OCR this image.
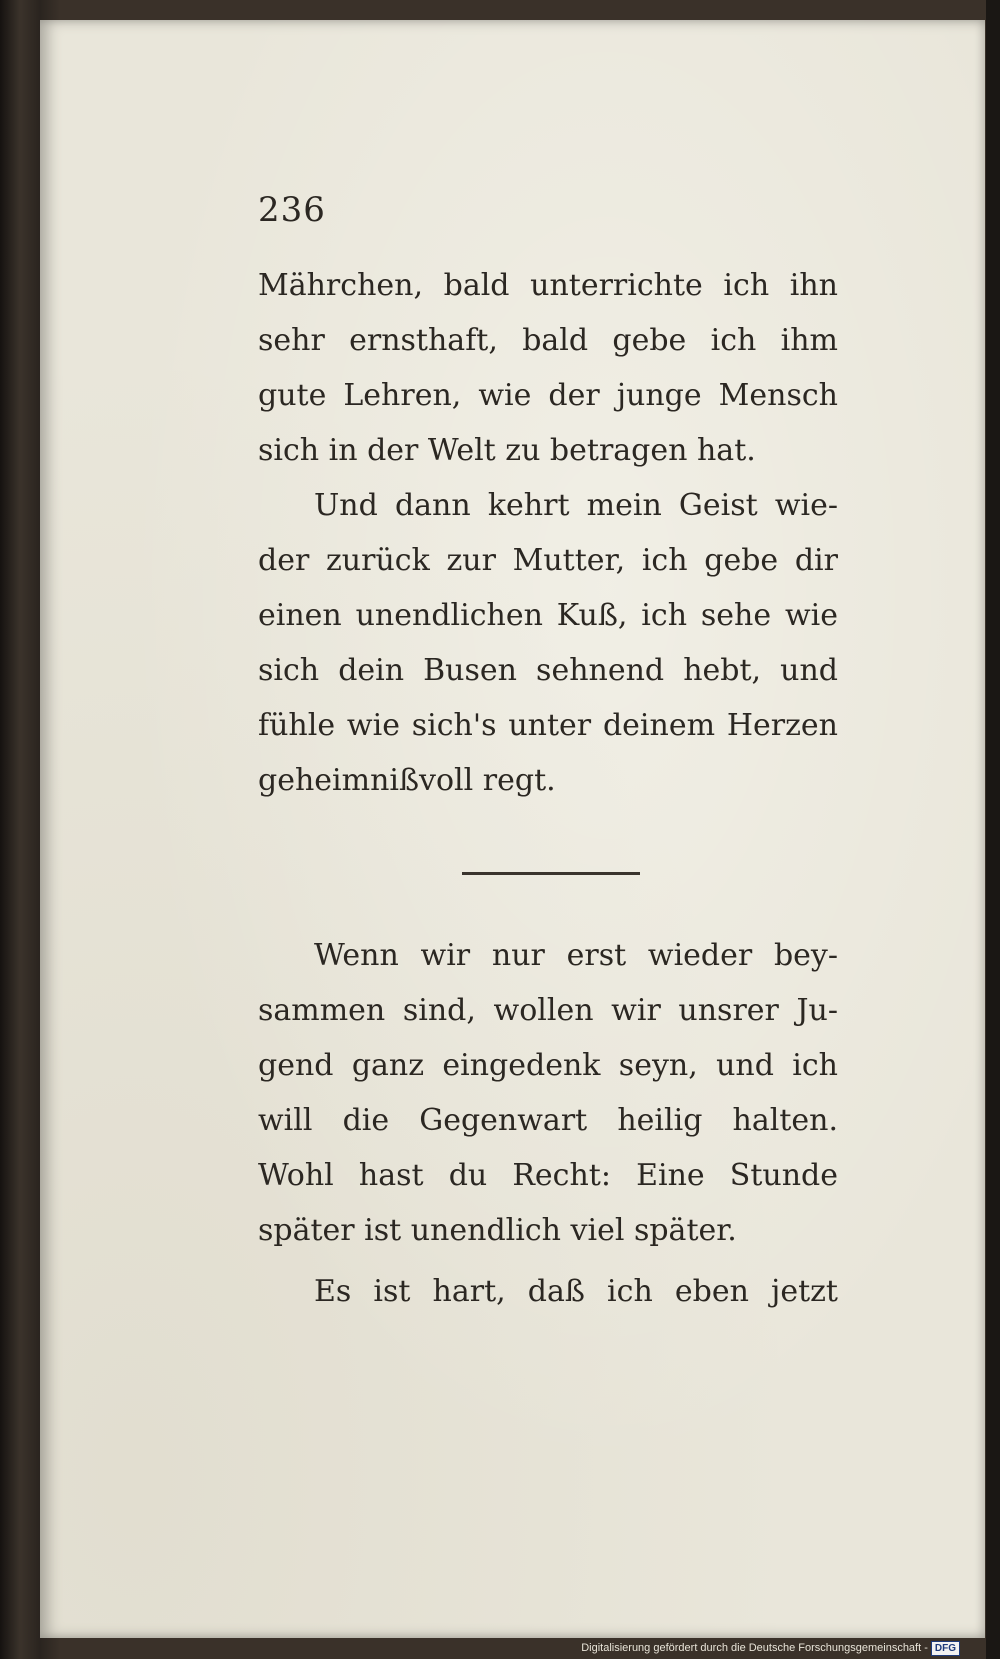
236
Mährchen, bald unterrichte ich ihn
sehr ernsthaft, bald gebe ich ihm
gute Lehren, wie der junge Mensch
sich in der Welt zu betragen hat.
Und dann kehrt mein Geist wie-
der zurück zur Mutter, ich gebe dir
einen unendlichen Kuß, ich sehe wie
sich dein Busen sehnend hebt, und
fühle wie sich's unter deinem Herzen
geheimnißvoll regt.
Wenn wir nur erst wieder bey-
sammen sind, wollen wir unsrer Ju-
gend ganz eingedenk seyn, und ich
will die Gegenwart heilig halten.
Wohl hast du Recht: Eine Stunde
später ist unendlich viel später.
Es ist hart, daß ich eben jetzt
Digitalisierung gefördert durch die Deutsche Forschungsgemeinschaft - DFG
